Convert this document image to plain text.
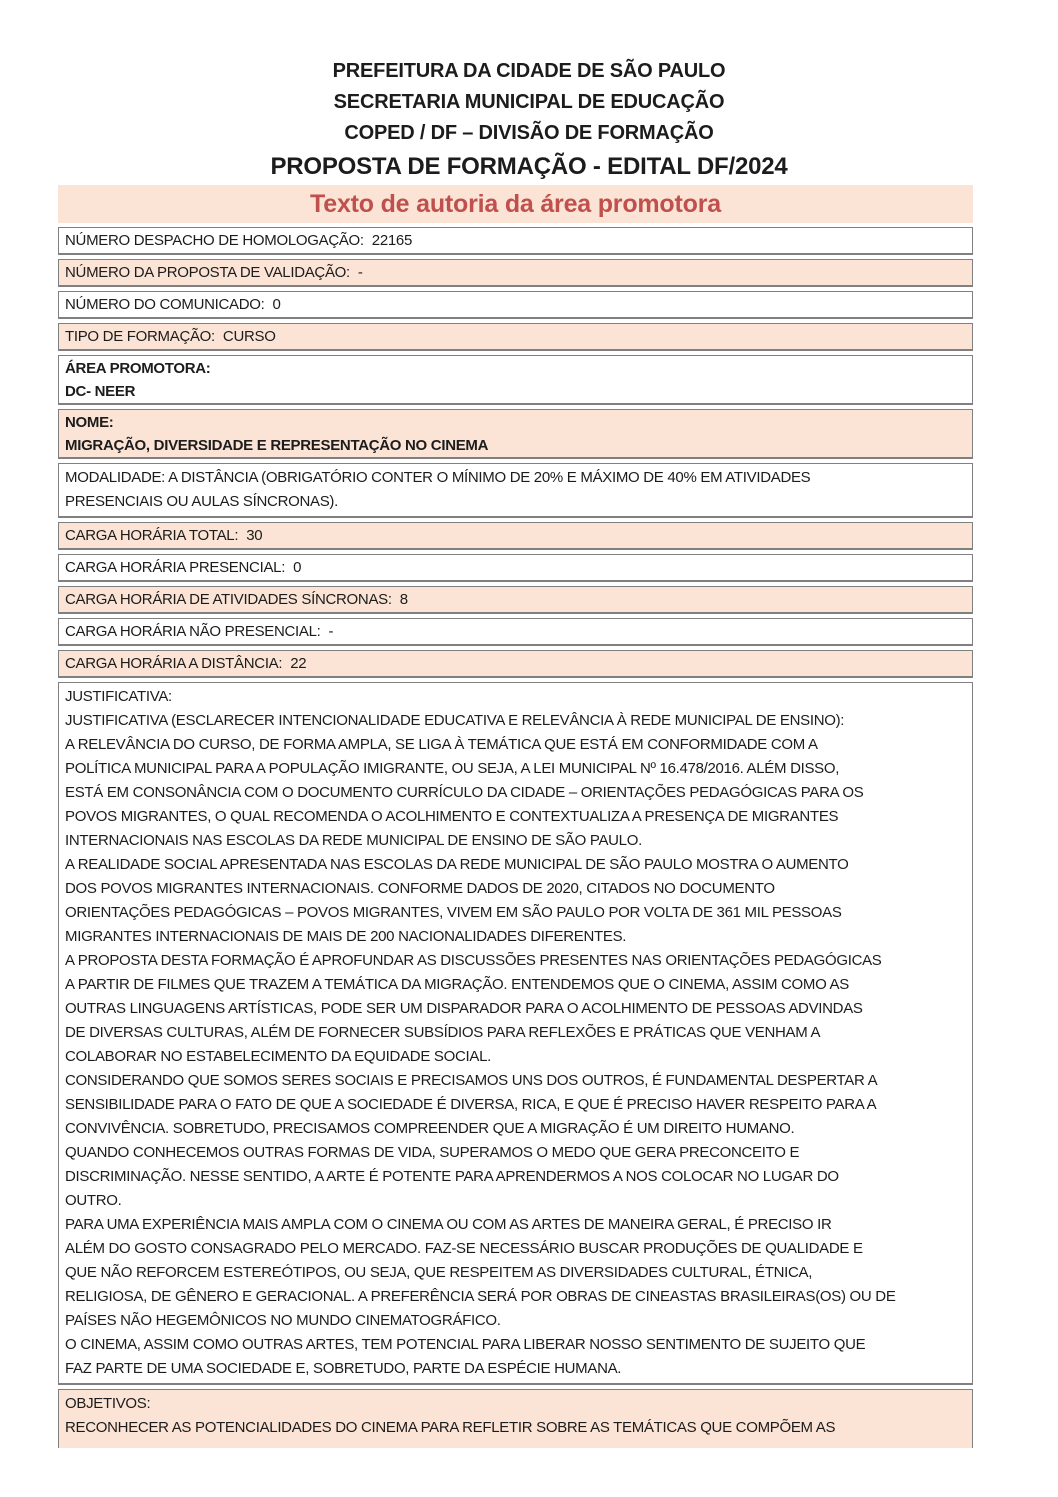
PREFEITURA DA CIDADE DE SÃO PAULO
SECRETARIA MUNICIPAL DE EDUCAÇÃO
COPED / DF – DIVISÃO DE FORMAÇÃO
PROPOSTA DE FORMAÇÃO - EDITAL DF/2024
Texto de autoria da área promotora
NÚMERO DESPACHO DE HOMOLOGAÇÃO: 22165
NÚMERO DA PROPOSTA DE VALIDAÇÃO: -
NÚMERO DO COMUNICADO: 0
TIPO DE FORMAÇÃO: CURSO
ÁREA PROMOTORA:
DC- NEER
NOME:
MIGRAÇÃO, DIVERSIDADE E REPRESENTAÇÃO NO CINEMA
MODALIDADE: A DISTÂNCIA (OBRIGATÓRIO CONTER O MÍNIMO DE 20% E MÁXIMO DE 40% EM ATIVIDADES
PRESENCIAIS OU AULAS SÍNCRONAS).
CARGA HORÁRIA TOTAL: 30
CARGA HORÁRIA PRESENCIAL: 0
CARGA HORÁRIA DE ATIVIDADES SÍNCRONAS: 8
CARGA HORÁRIA NÃO PRESENCIAL: -
CARGA HORÁRIA A DISTÂNCIA: 22
JUSTIFICATIVA:
JUSTIFICATIVA (ESCLARECER INTENCIONALIDADE EDUCATIVA E RELEVÂNCIA À REDE MUNICIPAL DE ENSINO):
A RELEVÂNCIA DO CURSO, DE FORMA AMPLA, SE LIGA À TEMÁTICA QUE ESTÁ EM CONFORMIDADE COM A
POLÍTICA MUNICIPAL PARA A POPULAÇÃO IMIGRANTE, OU SEJA, A LEI MUNICIPAL Nº 16.478/2016. ALÉM DISSO,
ESTÁ EM CONSONÂNCIA COM O DOCUMENTO CURRÍCULO DA CIDADE – ORIENTAÇÕES PEDAGÓGICAS PARA OS
POVOS MIGRANTES, O QUAL RECOMENDA O ACOLHIMENTO E CONTEXTUALIZA A PRESENÇA DE MIGRANTES
INTERNACIONAIS NAS ESCOLAS DA REDE MUNICIPAL DE ENSINO DE SÃO PAULO.
A REALIDADE SOCIAL APRESENTADA NAS ESCOLAS DA REDE MUNICIPAL DE SÃO PAULO MOSTRA O AUMENTO
DOS POVOS MIGRANTES INTERNACIONAIS. CONFORME DADOS DE 2020, CITADOS NO DOCUMENTO
ORIENTAÇÕES PEDAGÓGICAS – POVOS MIGRANTES, VIVEM EM SÃO PAULO POR VOLTA DE 361 MIL PESSOAS
MIGRANTES INTERNACIONAIS DE MAIS DE 200 NACIONALIDADES DIFERENTES.
A PROPOSTA DESTA FORMAÇÃO É APROFUNDAR AS DISCUSSÕES PRESENTES NAS ORIENTAÇÕES PEDAGÓGICAS
A PARTIR DE FILMES QUE TRAZEM A TEMÁTICA DA MIGRAÇÃO. ENTENDEMOS QUE O CINEMA, ASSIM COMO AS
OUTRAS LINGUAGENS ARTÍSTICAS, PODE SER UM DISPARADOR PARA O ACOLHIMENTO DE PESSOAS ADVINDAS
DE DIVERSAS CULTURAS, ALÉM DE FORNECER SUBSÍDIOS PARA REFLEXÕES E PRÁTICAS QUE VENHAM A
COLABORAR NO ESTABELECIMENTO DA EQUIDADE SOCIAL.
CONSIDERANDO QUE SOMOS SERES SOCIAIS E PRECISAMOS UNS DOS OUTROS, É FUNDAMENTAL DESPERTAR A
SENSIBILIDADE PARA O FATO DE QUE A SOCIEDADE É DIVERSA, RICA, E QUE É PRECISO HAVER RESPEITO PARA A
CONVIVÊNCIA. SOBRETUDO, PRECISAMOS COMPREENDER QUE A MIGRAÇÃO É UM DIREITO HUMANO.
QUANDO CONHECEMOS OUTRAS FORMAS DE VIDA, SUPERAMOS O MEDO QUE GERA PRECONCEITO E
DISCRIMINAÇÃO. NESSE SENTIDO, A ARTE É POTENTE PARA APRENDERMOS A NOS COLOCAR NO LUGAR DO
OUTRO.
PARA UMA EXPERIÊNCIA MAIS AMPLA COM O CINEMA OU COM AS ARTES DE MANEIRA GERAL, É PRECISO IR
ALÉM DO GOSTO CONSAGRADO PELO MERCADO. FAZ-SE NECESSÁRIO BUSCAR PRODUÇÕES DE QUALIDADE E
QUE NÃO REFORCEM ESTEREÓTIPOS, OU SEJA, QUE RESPEITEM AS DIVERSIDADES CULTURAL, ÉTNICA,
RELIGIOSA, DE GÊNERO E GERACIONAL. A PREFERÊNCIA SERÁ POR OBRAS DE CINEASTAS BRASILEIRAS(OS) OU DE
PAÍSES NÃO HEGEMÔNICOS NO MUNDO CINEMATOGRÁFICO.
O CINEMA, ASSIM COMO OUTRAS ARTES, TEM POTENCIAL PARA LIBERAR NOSSO SENTIMENTO DE SUJEITO QUE
FAZ PARTE DE UMA SOCIEDADE E, SOBRETUDO, PARTE DA ESPÉCIE HUMANA.
OBJETIVOS:
RECONHECER AS POTENCIALIDADES DO CINEMA PARA REFLETIR SOBRE AS TEMÁTICAS QUE COMPÕEM AS
